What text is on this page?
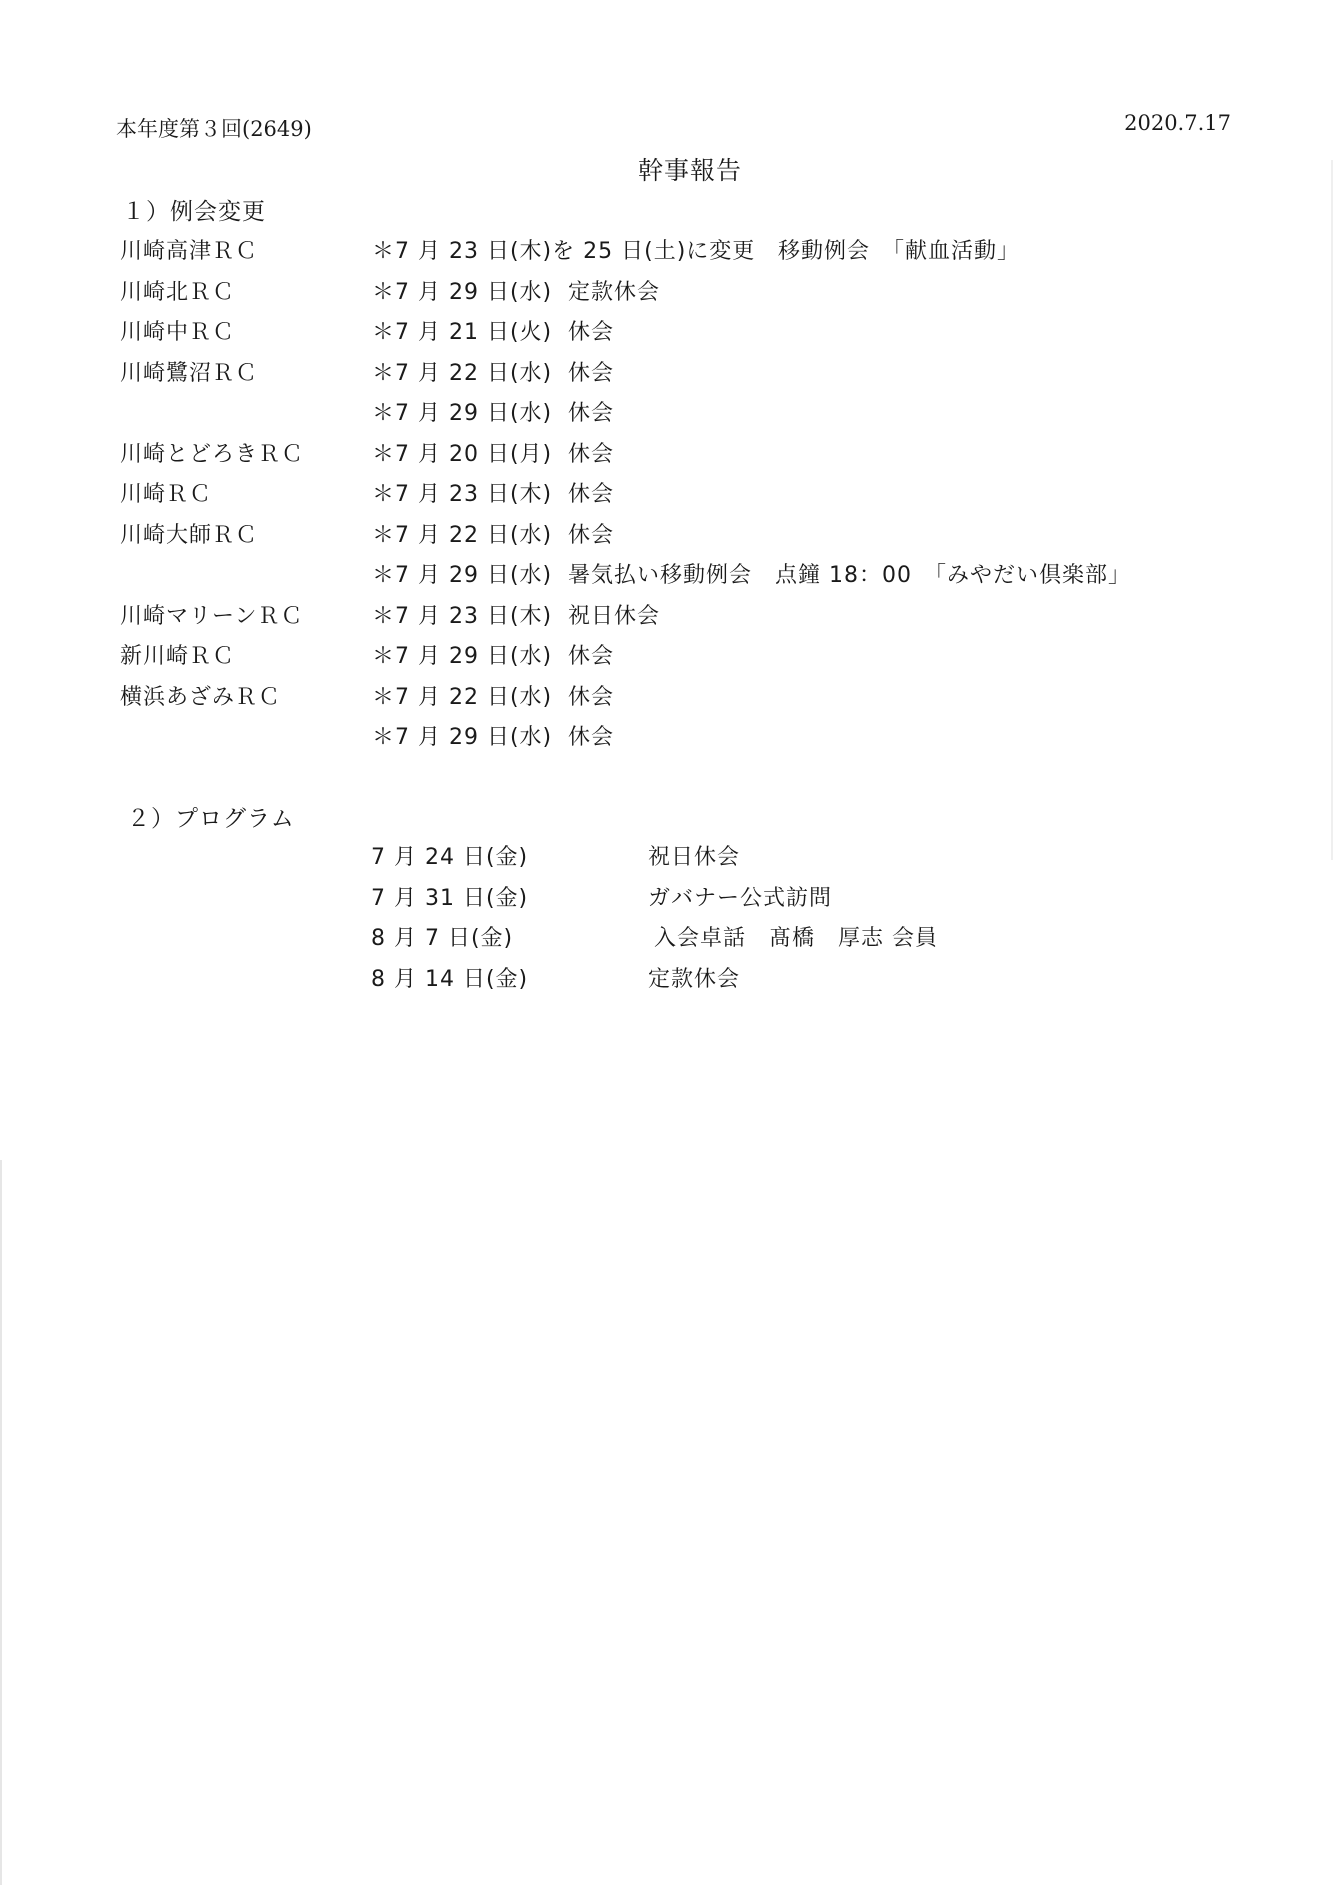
本年度第３回(2649)	2020.7.17
幹事報告
１）例会変更
川崎高津ＲＣ	＊7 月 23 日(木)を 25 日(土)に変更 移動例会　「献血活動」
川崎北ＲＣ	＊7 月 29 日(水) 定款休会
川崎中ＲＣ	＊7 月 21 日(火) 休会
川崎鷺沼ＲＣ	＊7 月 22 日(水) 休会
＊7 月 29 日(水) 休会
川崎とどろきＲＣ	＊7 月 20 日(月) 休会
川崎ＲＣ	＊7 月 23 日(木) 休会
川崎大師ＲＣ	＊7 月 22 日(水) 休会
＊7 月 29 日(水) 暑気払い移動例会　点鐘 18：00　「みやだい倶楽部」
川崎マリーンＲＣ	＊7 月 23 日(木) 祝日休会
新川崎ＲＣ	＊7 月 29 日(水) 休会
横浜あざみＲＣ	＊7 月 22 日(水) 休会
＊7 月 29 日(水) 休会
２）プログラム
7 月 24 日(金)	祝日休会
7 月 31 日(金)	ガバナー公式訪問
8 月 7 日(金)	入会卓話　髙橋　厚志 会員
8 月 14 日(金)	定款休会
